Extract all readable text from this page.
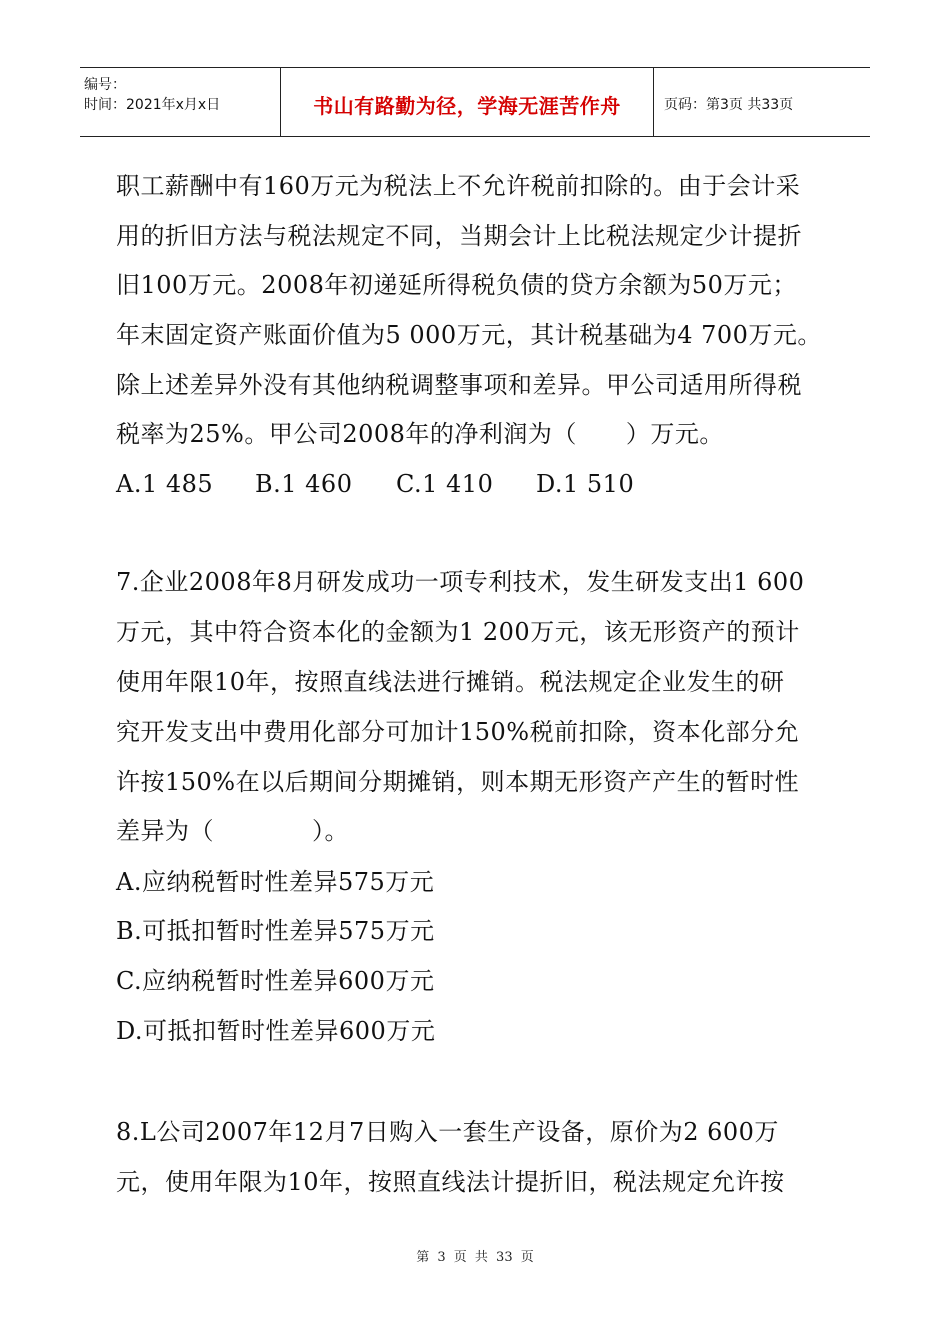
编号：
时间：2021年x月x日	书山有路勤为径，学海无涯苦作舟	页码：第3页 共33页
职工薪酬中有160万元为税法上不允许税前扣除的。由于会计采
用的折旧方法与税法规定不同，当期会计上比税法规定少计提折
旧100万元。2008年初递延所得税负债的贷方余额为50万元；
年末固定资产账面价值为5 000万元，其计税基础为4 700万元。
除上述差异外没有其他纳税调整事项和差异。甲公司适用所得税
税率为25%。甲公司2008年的净利润为（　　）万元。
A.1 485 B.1 460 C.1 410 D.1 510
7.企业2008年8月研发成功一项专利技术，发生研发支出1 600
万元，其中符合资本化的金额为1 200万元，该无形资产的预计
使用年限10年，按照直线法进行摊销。税法规定企业发生的研
究开发支出中费用化部分可加计150%税前扣除，资本化部分允
许按150%在以后期间分期摊销，则本期无形资产产生的暂时性
差异为（　　　　）。
A.应纳税暂时性差异575万元
B.可抵扣暂时性差异575万元
C.应纳税暂时性差异600万元
D.可抵扣暂时性差异600万元
8.L公司2007年12月7日购入一套生产设备，原价为2 600万
元，使用年限为10年，按照直线法计提折旧，税法规定允许按
第 3 页 共 33 页
